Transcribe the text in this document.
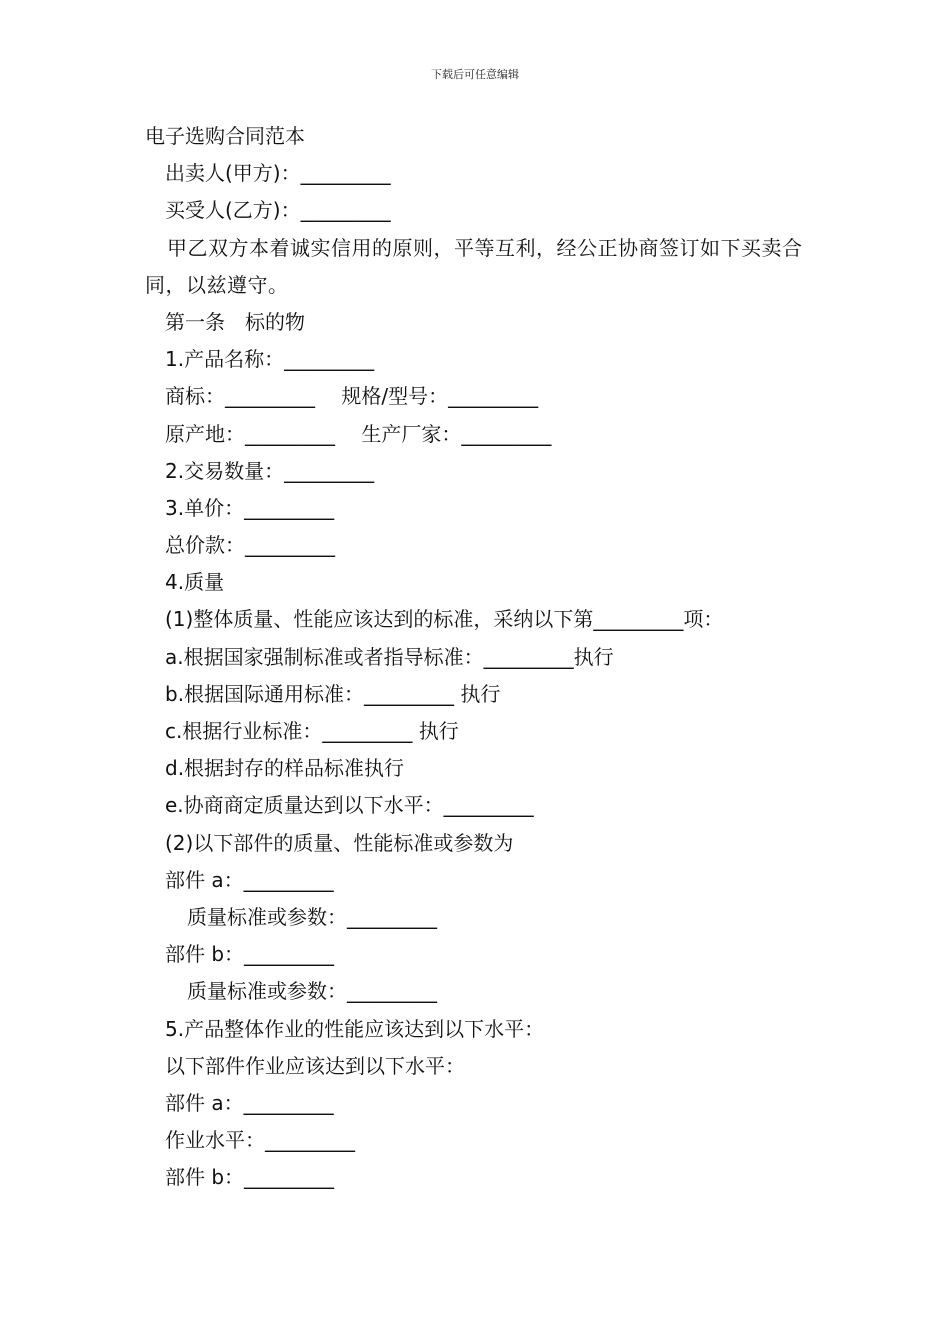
下载后可任意编辑
电子选购合同范本
出卖人(甲方)：_________
买受人(乙方)：_________
甲乙双方本着诚实信用的原则，平等互利，经公正协商签订如下买卖合同，以兹遵守。
第一条　标的物
1.产品名称：_________
商标：_________　 规格/型号：_________
原产地：_________　 生产厂家：_________
2.交易数量：_________
3.单价：_________
总价款：_________
4.质量
(1)整体质量、性能应该达到的标准，采纳以下第_________项：
a.根据国家强制标准或者指导标准：_________执行
b.根据国际通用标准：_________ 执行
c.根据行业标准：_________ 执行
d.根据封存的样品标准执行
e.协商商定质量达到以下水平：_________
(2)以下部件的质量、性能标准或参数为
部件 a：_________
质量标准或参数：_________
部件 b：_________
质量标准或参数：_________
5.产品整体作业的性能应该达到以下水平：
以下部件作业应该达到以下水平：
部件 a：_________
作业水平：_________
部件 b：_________
